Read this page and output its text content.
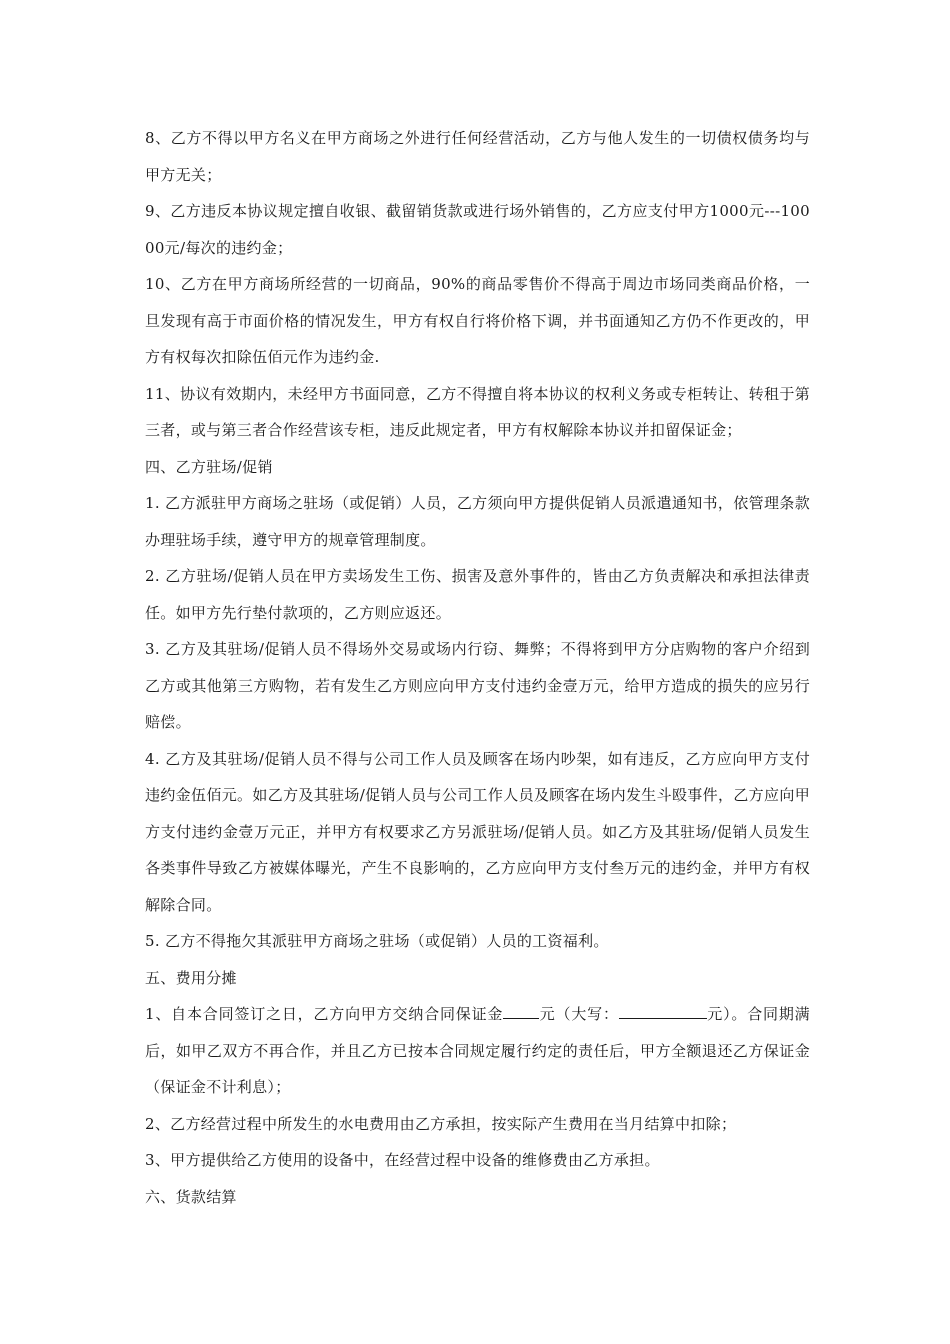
8、乙方不得以甲方名义在甲方商场之外进行任何经营活动，乙方与他人发生的一切债权债务均与甲方无关；

9、乙方违反本协议规定擅自收银、截留销货款或进行场外销售的，乙方应支付甲方1000元---10000元/每次的违约金；

10、乙方在甲方商场所经营的一切商品，90%的商品零售价不得高于周边市场同类商品价格，一旦发现有高于市面价格的情况发生，甲方有权自行将价格下调，并书面通知乙方仍不作更改的，甲方有权每次扣除伍佰元作为违约金.

11、协议有效期内，未经甲方书面同意，乙方不得擅自将本协议的权利义务或专柜转让、转租于第三者，或与第三者合作经营该专柜，违反此规定者，甲方有权解除本协议并扣留保证金；

四、乙方驻场/促销

1. 乙方派驻甲方商场之驻场（或促销）人员，乙方须向甲方提供促销人员派遣通知书，依管理条款办理驻场手续，遵守甲方的规章管理制度。

2. 乙方驻场/促销人员在甲方卖场发生工伤、损害及意外事件的，皆由乙方负责解决和承担法律责任。如甲方先行垫付款项的，乙方则应返还。

3. 乙方及其驻场/促销人员不得场外交易或场内行窃、舞弊；不得将到甲方分店购物的客户介绍到乙方或其他第三方购物，若有发生乙方则应向甲方支付违约金壹万元，给甲方造成的损失的应另行赔偿。

4. 乙方及其驻场/促销人员不得与公司工作人员及顾客在场内吵架，如有违反，乙方应向甲方支付违约金伍佰元。如乙方及其驻场/促销人员与公司工作人员及顾客在场内发生斗殴事件，乙方应向甲方支付违约金壹万元正，并甲方有权要求乙方另派驻场/促销人员。如乙方及其驻场/促销人员发生各类事件导致乙方被媒体曝光，产生不良影响的，乙方应向甲方支付叁万元的违约金，并甲方有权解除合同。

5. 乙方不得拖欠其派驻甲方商场之驻场（或促销）人员的工资福利。

五、费用分摊

1、自本合同签订之日，乙方向甲方交纳合同保证金 元（大写：	元）。合同期满后，如甲乙双方不再合作，并且乙方已按本合同规定履行约定的责任后，甲方全额退还乙方保证金（保证金不计利息）；

2、乙方经营过程中所发生的水电费用由乙方承担，按实际产生费用在当月结算中扣除；

3、甲方提供给乙方使用的设备中，在经营过程中设备的维修费由乙方承担。

六、货款结算
